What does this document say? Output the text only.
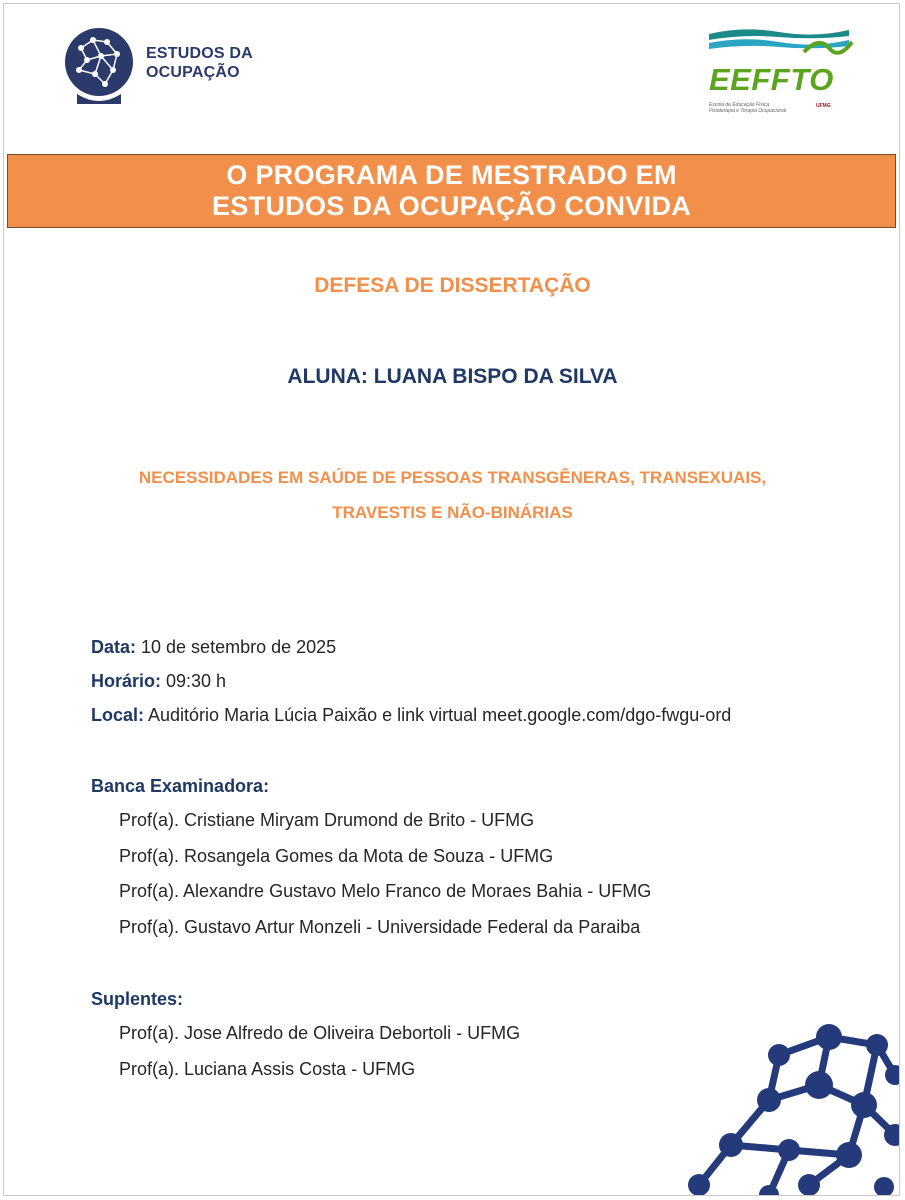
ESTUDOS DA
OCUPAÇÃO	EEFFTO
Escola de Educação Física
Fisioterapia e Terapia Ocupacional
UFMG
O PROGRAMA DE MESTRADO EM
ESTUDOS DA OCUPAÇÃO CONVIDA
DEFESA DE DISSERTAÇÃO
ALUNA: LUANA BISPO DA SILVA
NECESSIDADES EM SAÚDE DE PESSOAS TRANSGÊNERAS, TRANSEXUAIS,
TRAVESTIS E NÃO-BINÁRIAS
Data: 10 de setembro de 2025
Horário: 09:30 h
Local: Auditório Maria Lúcia Paixão e link virtual meet.google.com/dgo-fwgu-ord
Banca Examinadora:
Prof(a). Cristiane Miryam Drumond de Brito - UFMG
Prof(a). Rosangela Gomes da Mota de Souza - UFMG
Prof(a). Alexandre Gustavo Melo Franco de Moraes Bahia - UFMG
Prof(a). Gustavo Artur Monzeli - Universidade Federal da Paraiba
Suplentes:
Prof(a). Jose Alfredo de Oliveira Debortoli - UFMG
Prof(a). Luciana Assis Costa - UFMG
